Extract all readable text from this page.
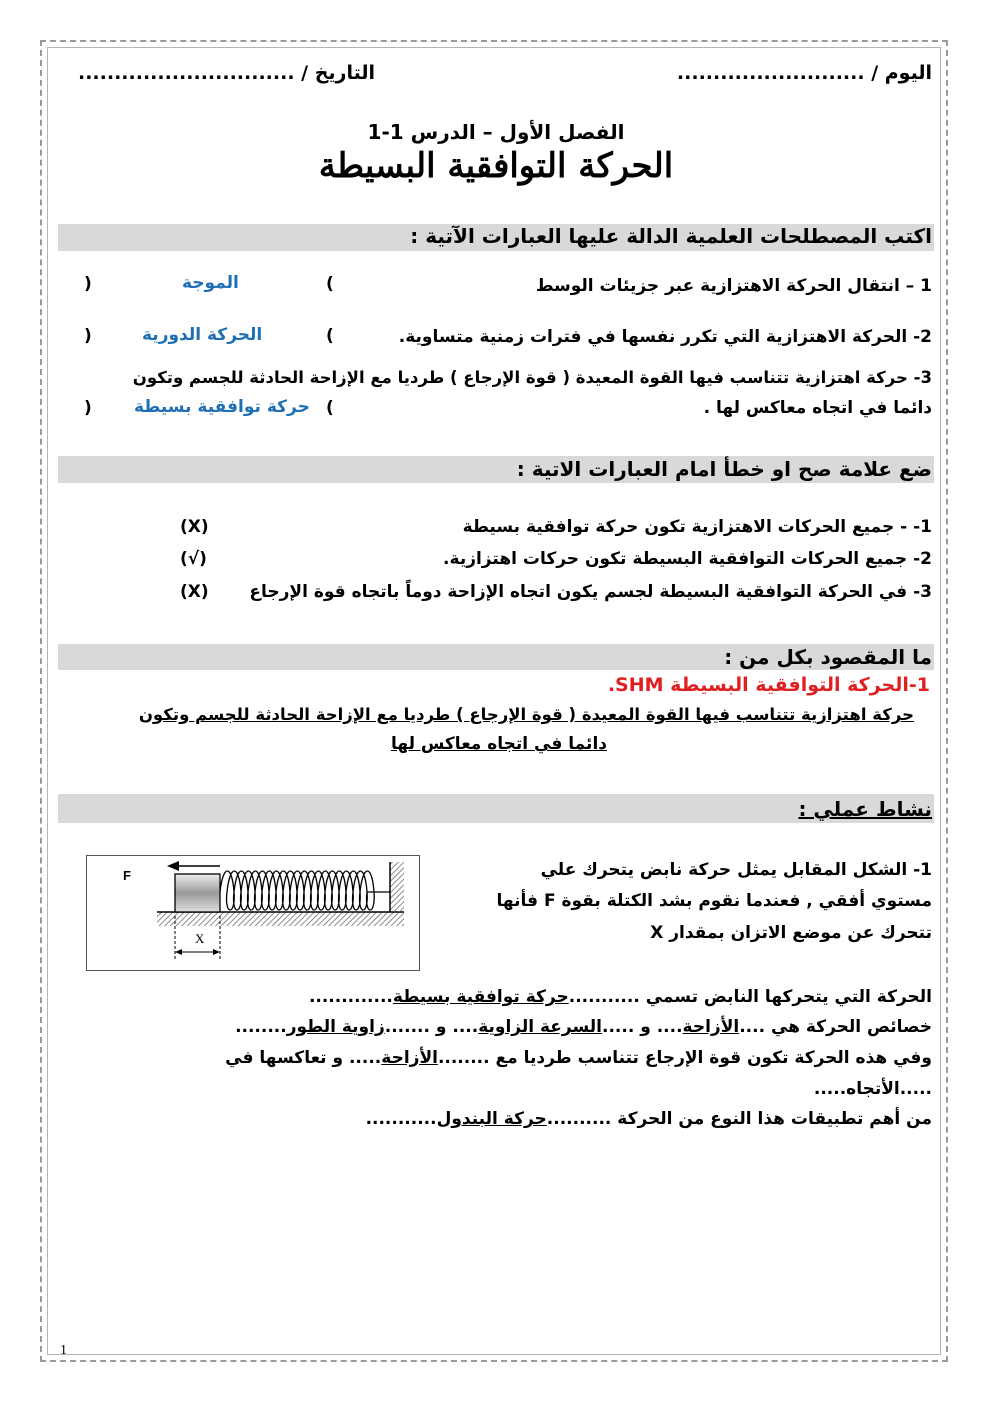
اليوم / ..........................
التاريخ / ..............................
الفصل الأول – الدرس 1-1
الحركة التوافقية البسيطة
اكتب المصطلحات العلمية الدالة عليها العبارات الآتية :
1 – انتقال الحركة الاهتزازية عبر جزيئات الوسط
(
الموجة
)
2- الحركة الاهتزازية التي تكرر نفسها في فترات زمنية متساوية.
(
الحركة الدورية
)
3- حركة اهتزازية تتناسب فيها القوة المعيدة ( قوة الإرجاع ) طرديا مع الإزاحة الحادثة للجسم وتكون
دائما في اتجاه معاكس لها .
(
حركة توافقية بسيطة
)
ضع علامة صح او خطأ امام العبارات الاتية :
1- - جميع الحركات الاهتزازية تكون حركة توافقية بسيطة
(X)
2- جميع الحركات التوافقية البسيطة تكون حركات اهتزازية.
(√)
3- في الحركة التوافقية البسيطة لجسم يكون اتجاه الإزاحة دوماً باتجاه قوة الإرجاع
(X)
ما المقصود بكل من :
1-الحركة التوافقية البسيطة SHM.
حركة اهتزازية تتناسب فيها القوة المعيدة ( قوة الإرجاع ) طرديا مع الإزاحة الحادثة للجسم وتكون
دائما في اتجاه معاكس لها
نشاط عملي :
F
X
1- الشكل المقابل يمثل حركة نابض يتحرك علي
مستوي أفقي , فعندما نقوم بشد الكتلة بقوة F فأنها
تتحرك عن موضع الاتزان بمقدار X
الحركة التي يتحركها النابض تسمي ...........حركة توافقية بسيطة.............
خصائص الحركة هي ....الأزاحة.... و .....السرعة الزاوية.... و .......زاوية الطور........
وفي هذه الحركة تكون قوة الإرجاع تتناسب طرديا مع ........الأزاحة..... و تعاكسها في
.....الأتجاه.....
من أهم تطبيقات هذا النوع من الحركة ..........حركة البندول...........
1
